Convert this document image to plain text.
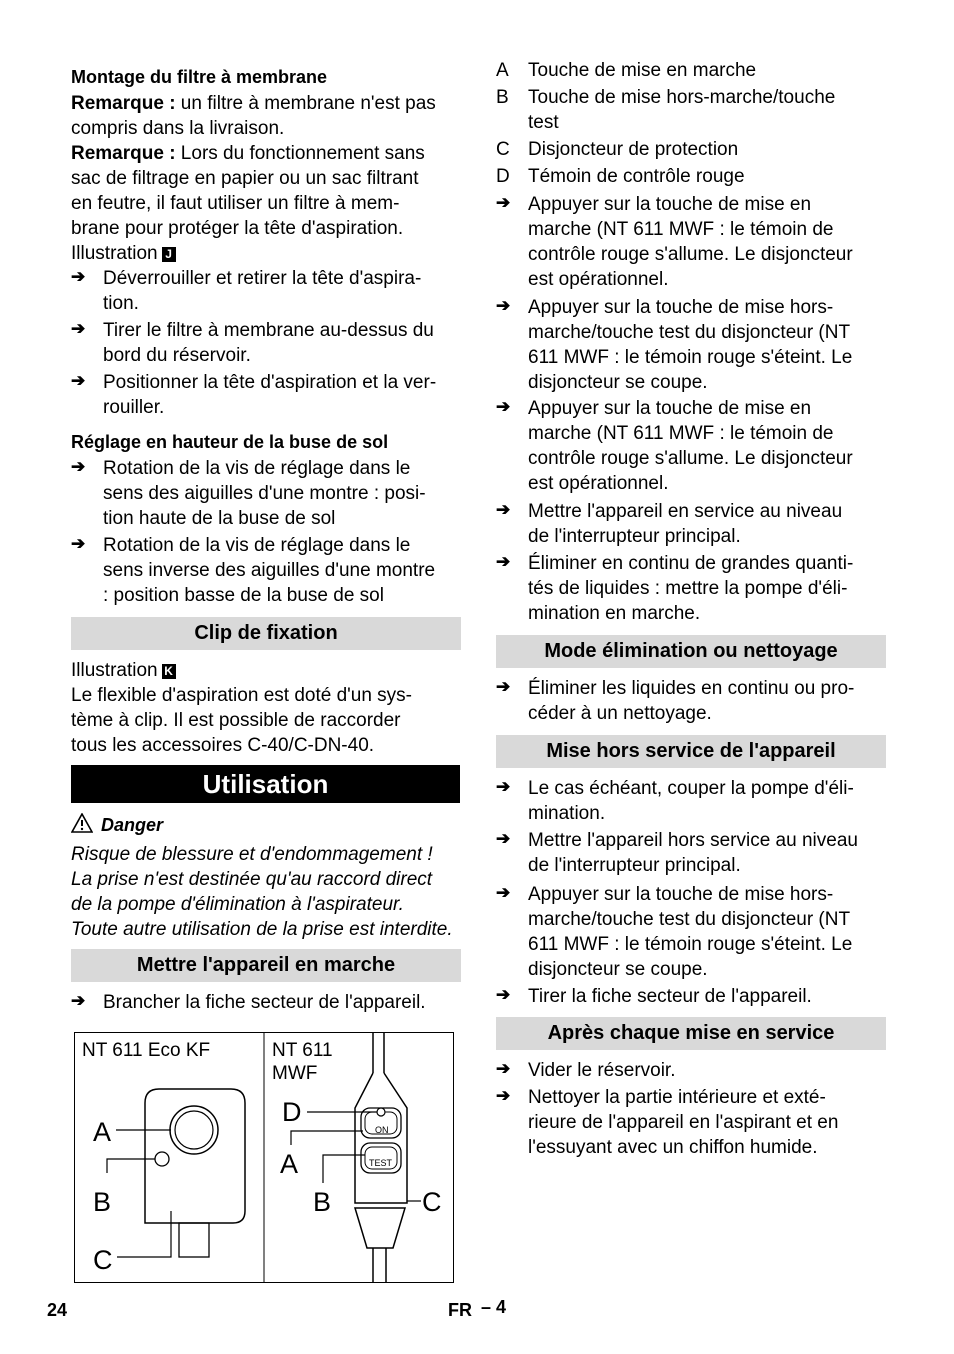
Montage du filtre à membrane
Remarque : un filtre à membrane n'est pas
compris dans la livraison.
Remarque : Lors du fonctionnement sans
sac de filtrage en papier ou un sac filtrant
en feutre, il faut utiliser un filtre à mem-
brane pour protéger la tête d'aspiration.
Illustration J
➔ Déverrouiller et retirer la tête d'aspira-
tion.
➔ Tirer le filtre à membrane au-dessus du
bord du réservoir.
➔ Positionner la tête d'aspiration et la ver-
rouiller.
Réglage en hauteur de la buse de sol
➔ Rotation de la vis de réglage dans le
sens des aiguilles d'une montre : posi-
tion haute de la buse de sol
➔ Rotation de la vis de réglage dans le
sens inverse des aiguilles d'une montre
: position basse de la buse de sol
Clip de fixation
Illustration K
Le flexible d'aspiration est doté d'un sys-
tème à clip. Il est possible de raccorder
tous les accessoires C-40/C-DN-40.
Utilisation
Danger
Risque de blessure et d'endommagement !
La prise n'est destinée qu'au raccord direct
de la pompe d'élimination à l'aspirateur.
Toute autre utilisation de la prise est interdite.
Mettre l'appareil en marche
➔ Brancher la fiche secteur de l'appareil.
NT 611 Eco KF	NT 611
MWF
A
B
C
ON
TEST
D
A
B	C
A Touche de mise en marche
B Touche de mise hors-marche/touche
test
C Disjoncteur de protection
D Témoin de contrôle rouge
➔ Appuyer sur la touche de mise en
marche (NT 611 MWF : le témoin de
contrôle rouge s'allume. Le disjoncteur
est opérationnel.
➔ Appuyer sur la touche de mise hors-
marche/touche test du disjoncteur (NT
611 MWF : le témoin rouge s'éteint. Le
disjoncteur se coupe.
➔ Appuyer sur la touche de mise en
marche (NT 611 MWF : le témoin de
contrôle rouge s'allume. Le disjoncteur
est opérationnel.
➔ Mettre l'appareil en service au niveau
de l'interrupteur principal.
➔ Éliminer en continu de grandes quanti-
tés de liquides : mettre la pompe d'éli-
mination en marche.
Mode élimination ou nettoyage
➔ Éliminer les liquides en continu ou pro-
céder à un nettoyage.
Mise hors service de l'appareil
➔ Le cas échéant, couper la pompe d'éli-
mination.
➔ Mettre l'appareil hors service au niveau
de l'interrupteur principal.
➔ Appuyer sur la touche de mise hors-
marche/touche test du disjoncteur (NT
611 MWF : le témoin rouge s'éteint. Le
disjoncteur se coupe.
➔ Tirer la fiche secteur de l'appareil.
Après chaque mise en service
➔ Vider le réservoir.
➔ Nettoyer la partie intérieure et exté-
rieure de l'appareil en l'aspirant et en
l'essuyant avec un chiffon humide.
24	FR – 4
